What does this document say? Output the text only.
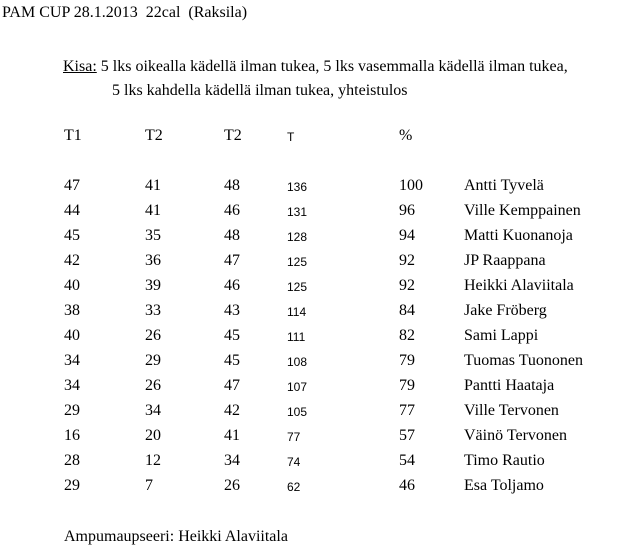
PAM CUP 28.1.2013  22cal  (Raksila)
Kisa: 5 lks oikealla kädellä ilman tukea, 5 lks vasemmalla kädellä ilman tukea,
5 lks kahdella kädellä ilman tukea, yhteistulos
T1	T2	T2	T	%
47	41	48	136	100	Antti Tyvelä
44	41	46	131	96	Ville Kemppainen
45	35	48	128	94	Matti Kuonanoja
42	36	47	125	92	JP Raappana
40	39	46	125	92	Heikki Alaviitala
38	33	43	114	84	Jake Fröberg
40	26	45	111	82	Sami Lappi
34	29	45	108	79	Tuomas Tuononen
34	26	47	107	79	Pantti Haataja
29	34	42	105	77	Ville Tervonen
16	20	41	77	57	Väinö Tervonen
28	12	34	74	54	Timo Rautio
29	7	26	62	46	Esa Toljamo
Ampumaupseeri: Heikki Alaviitala
